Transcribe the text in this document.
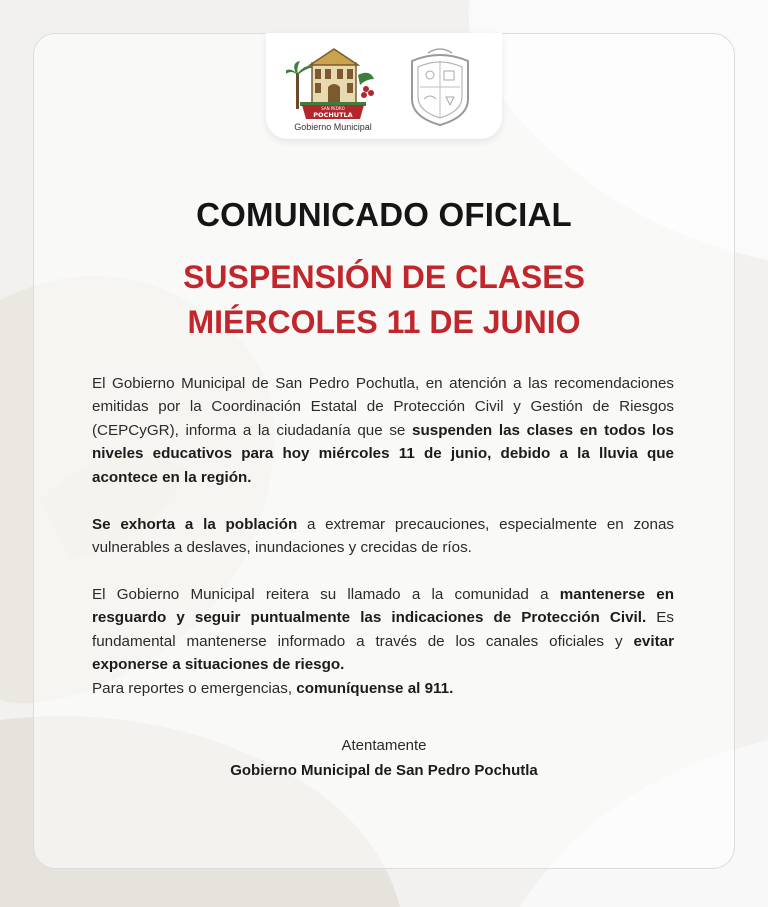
SAN PEDRO
POCHUTLA
Gobierno Municipal
COMUNICADO OFICIAL
SUSPENSIÓN DE CLASES
MIÉRCOLES 11 DE JUNIO

El Gobierno Municipal de San Pedro Pochutla, en atención a las recomendaciones emitidas por la Coordinación Estatal de Protección Civil y Gestión de Riesgos (CEPCyGR), informa a la ciudadanía que se suspenden las clases en todos los niveles educativos para hoy miércoles 11 de junio, debido a la lluvia que acontece en la región.

Se exhorta a la población a extremar precauciones, especialmente en zonas vulnerables a deslaves, inundaciones y crecidas de ríos.

El Gobierno Municipal reitera su llamado a la comunidad a mantenerse en resguardo y seguir puntualmente las indicaciones de Protección Civil. Es fundamental mantenerse informado a través de los canales oficiales y evitar exponerse a situaciones de riesgo.

Para reportes o emergencias, comuníquense al 911.

Atentamente

Gobierno Municipal de San Pedro Pochutla
